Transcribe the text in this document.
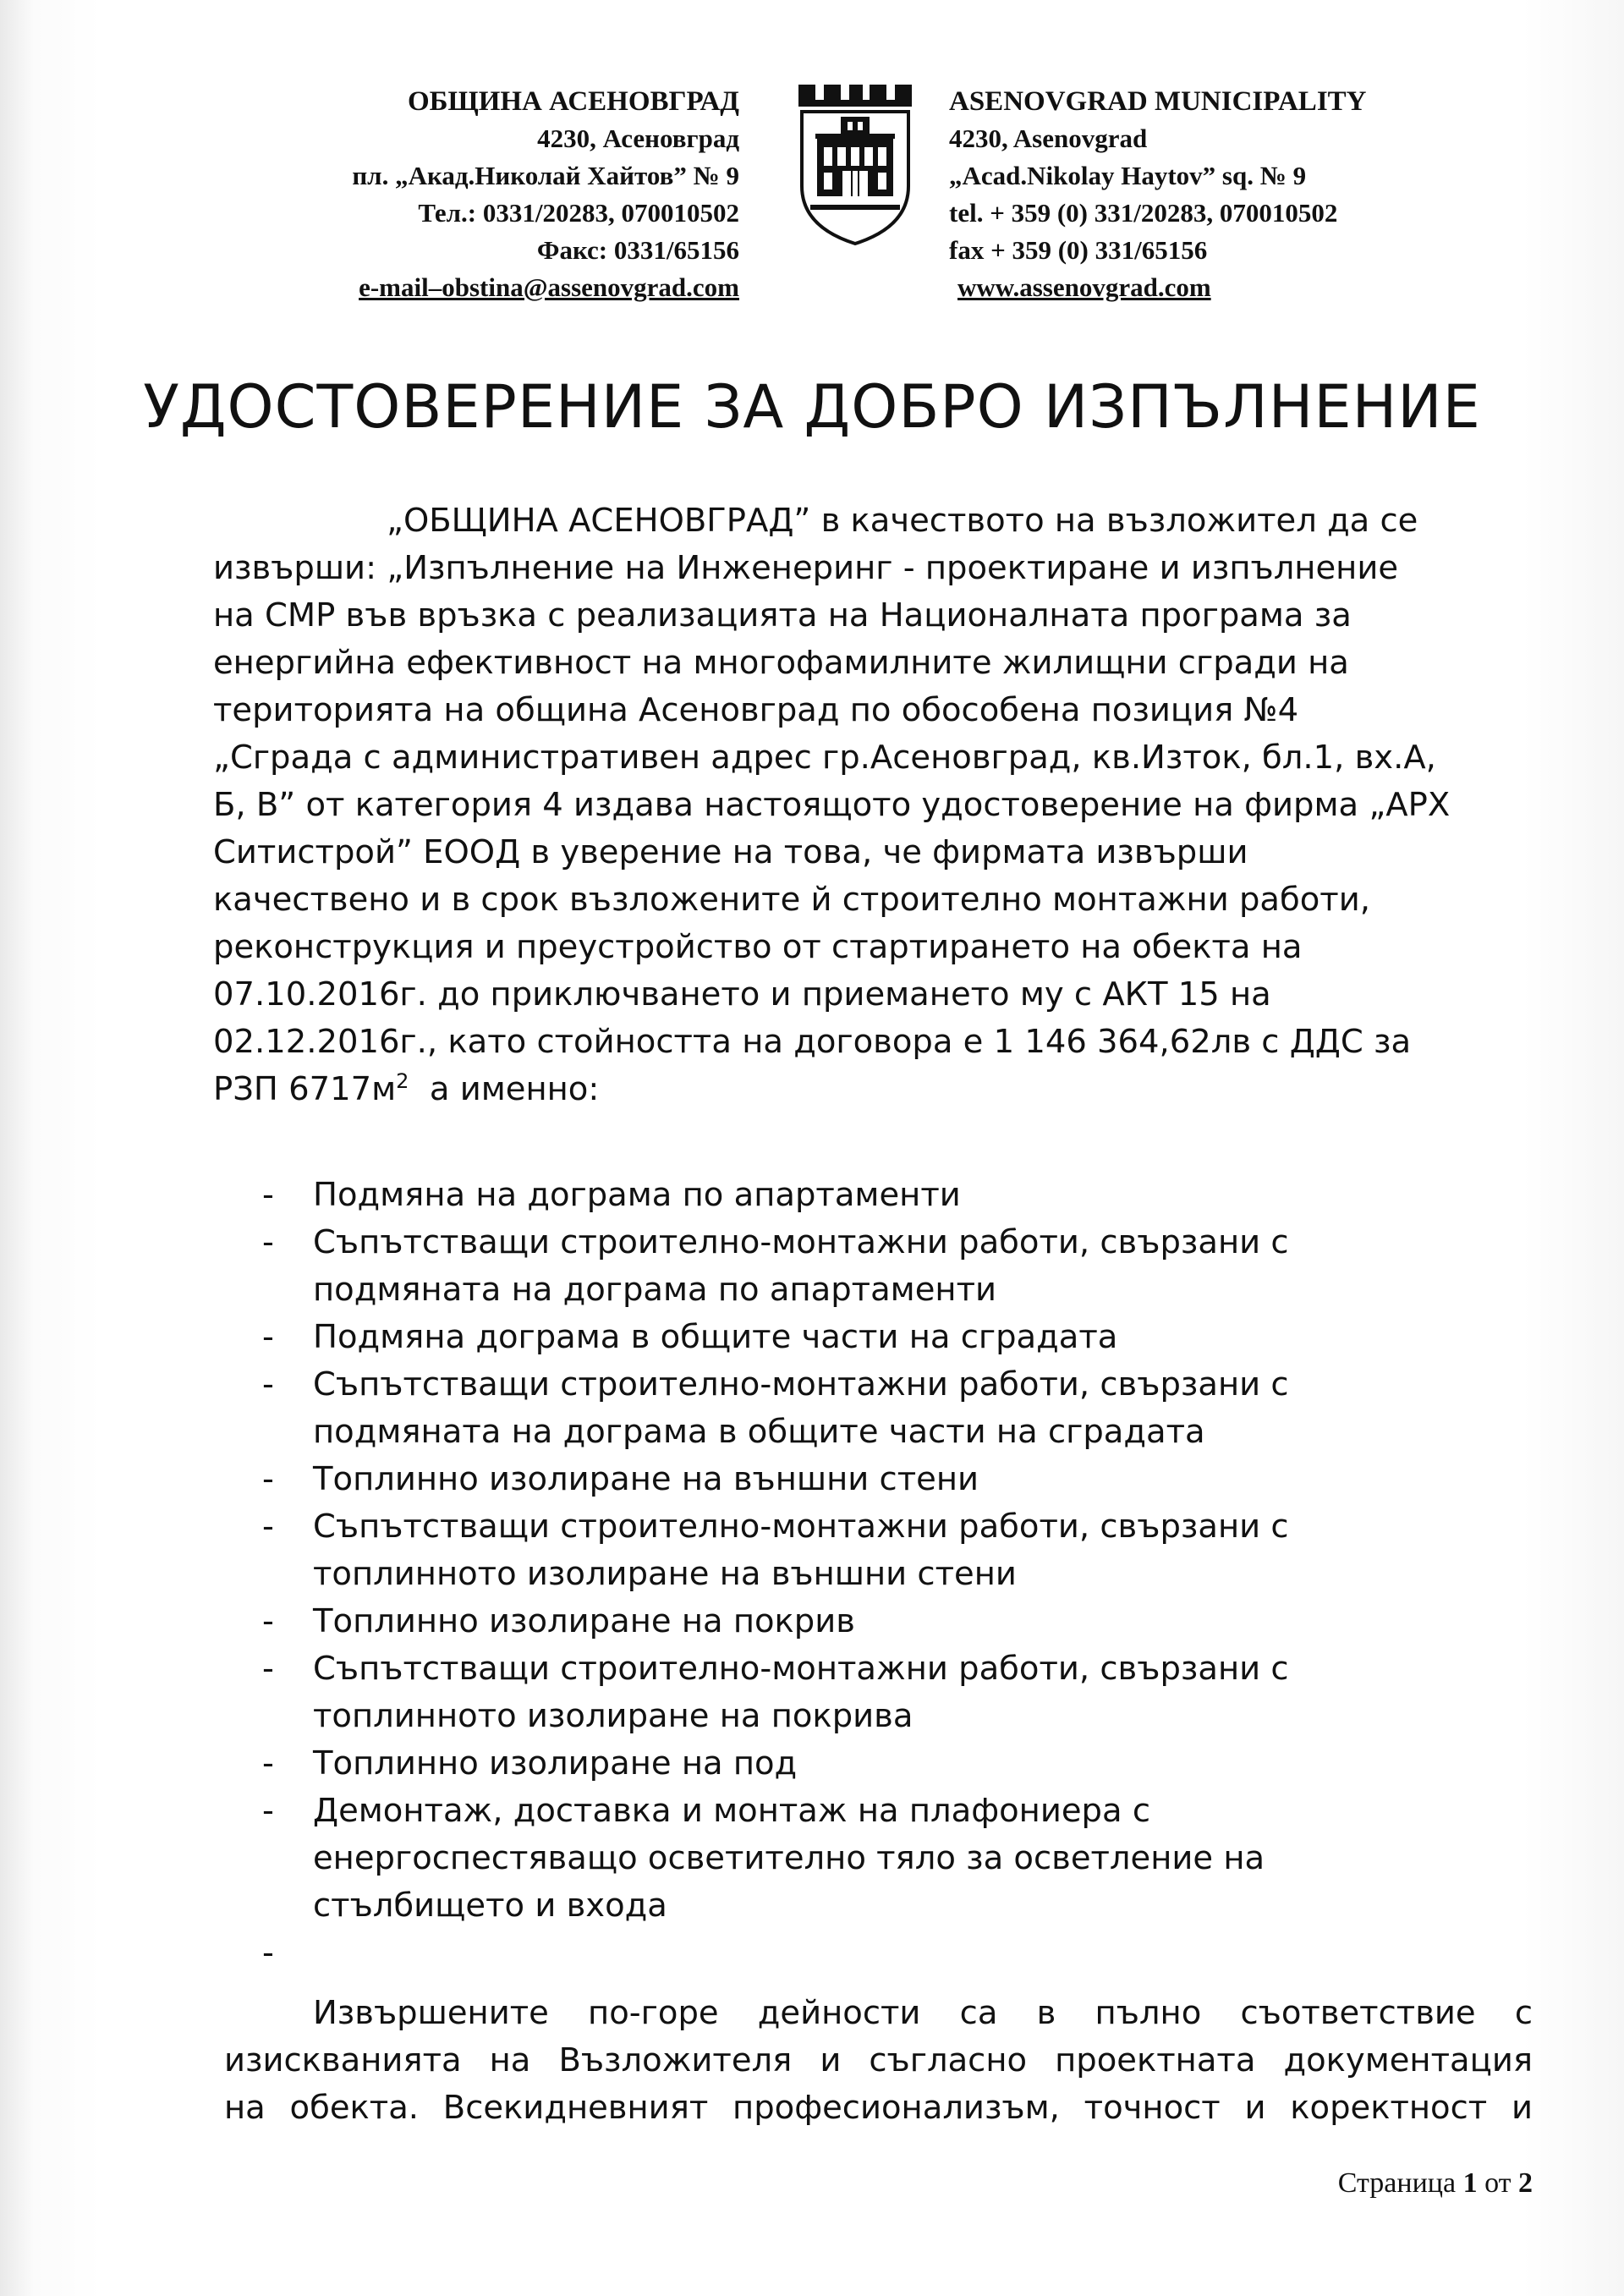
ОБЩИНА АСЕНОВГРАД
4230, Асеновград
пл. „Акад.Николай Хайтов” № 9
Тел.: 0331/20283, 070010502
Факс: 0331/65156
e-mail–obstina@assenovgrad.com
ASENOVGRAD MUNICIPALITY
4230, Asenovgrad
„Acad.Nikolay Haytov” sq. № 9
tel. + 359 (0) 331/20283, 070010502
fax + 359 (0) 331/65156
www.assenovgrad.com
УДОСТОВЕРЕНИЕ ЗА ДОБРО ИЗПЪЛНЕНИЕ
„ОБЩИНА АСЕНОВГРАД” в качеството на възложител да се
извърши: „Изпълнение на Инженеринг - проектиране и изпълнение
на СМР във връзка с реализацията на Националната програма за
енергийна ефективност на многофамилните жилищни сгради на
територията на община Асеновград по обособена позиция №4
„Сграда с административен адрес гр.Асеновград, кв.Изток, бл.1, вх.А,
Б, В” от категория 4 издава настоящото удостоверение на фирма „АРХ
Ситистрой” ЕООД в уверение на това, че фирмата извърши
качествено и в срок възложените й строително монтажни работи,
реконструкция и преустройство от стартирането на обекта на
07.10.2016г. до приключването и приемането му с АКТ 15 на
02.12.2016г., като стойността на договора е 1 146 364,62лв с ДДС за
РЗП $6717м^2$  а именно:
- Подмяна на дограма по апартаменти
- Съпътстващи строително-монтажни работи, свързани с
подмяната на дограма по апартаменти
- Подмяна дограма в общите части на сградата
- Съпътстващи строително-монтажни работи, свързани с
подмяната на дограма в общите части на сградата
- Топлинно изолиране на външни стени
- Съпътстващи строително-монтажни работи, свързани с
топлинното изолиране на външни стени
- Топлинно изолиране на покрив
- Съпътстващи строително-монтажни работи, свързани с
топлинното изолиране на покрива
- Топлинно изолиране на под
- Демонтаж, доставка и монтаж на плафониера с
енергоспестяващо осветително тяло за осветление на
стълбището и входа
-
Извършените по-горе дейности са в пълно съответствие с
изискванията на Възложителя и съгласно проектната документация
на обекта. Всекидневният професионализъм, точност и коректност и
Страница 1 от 2
